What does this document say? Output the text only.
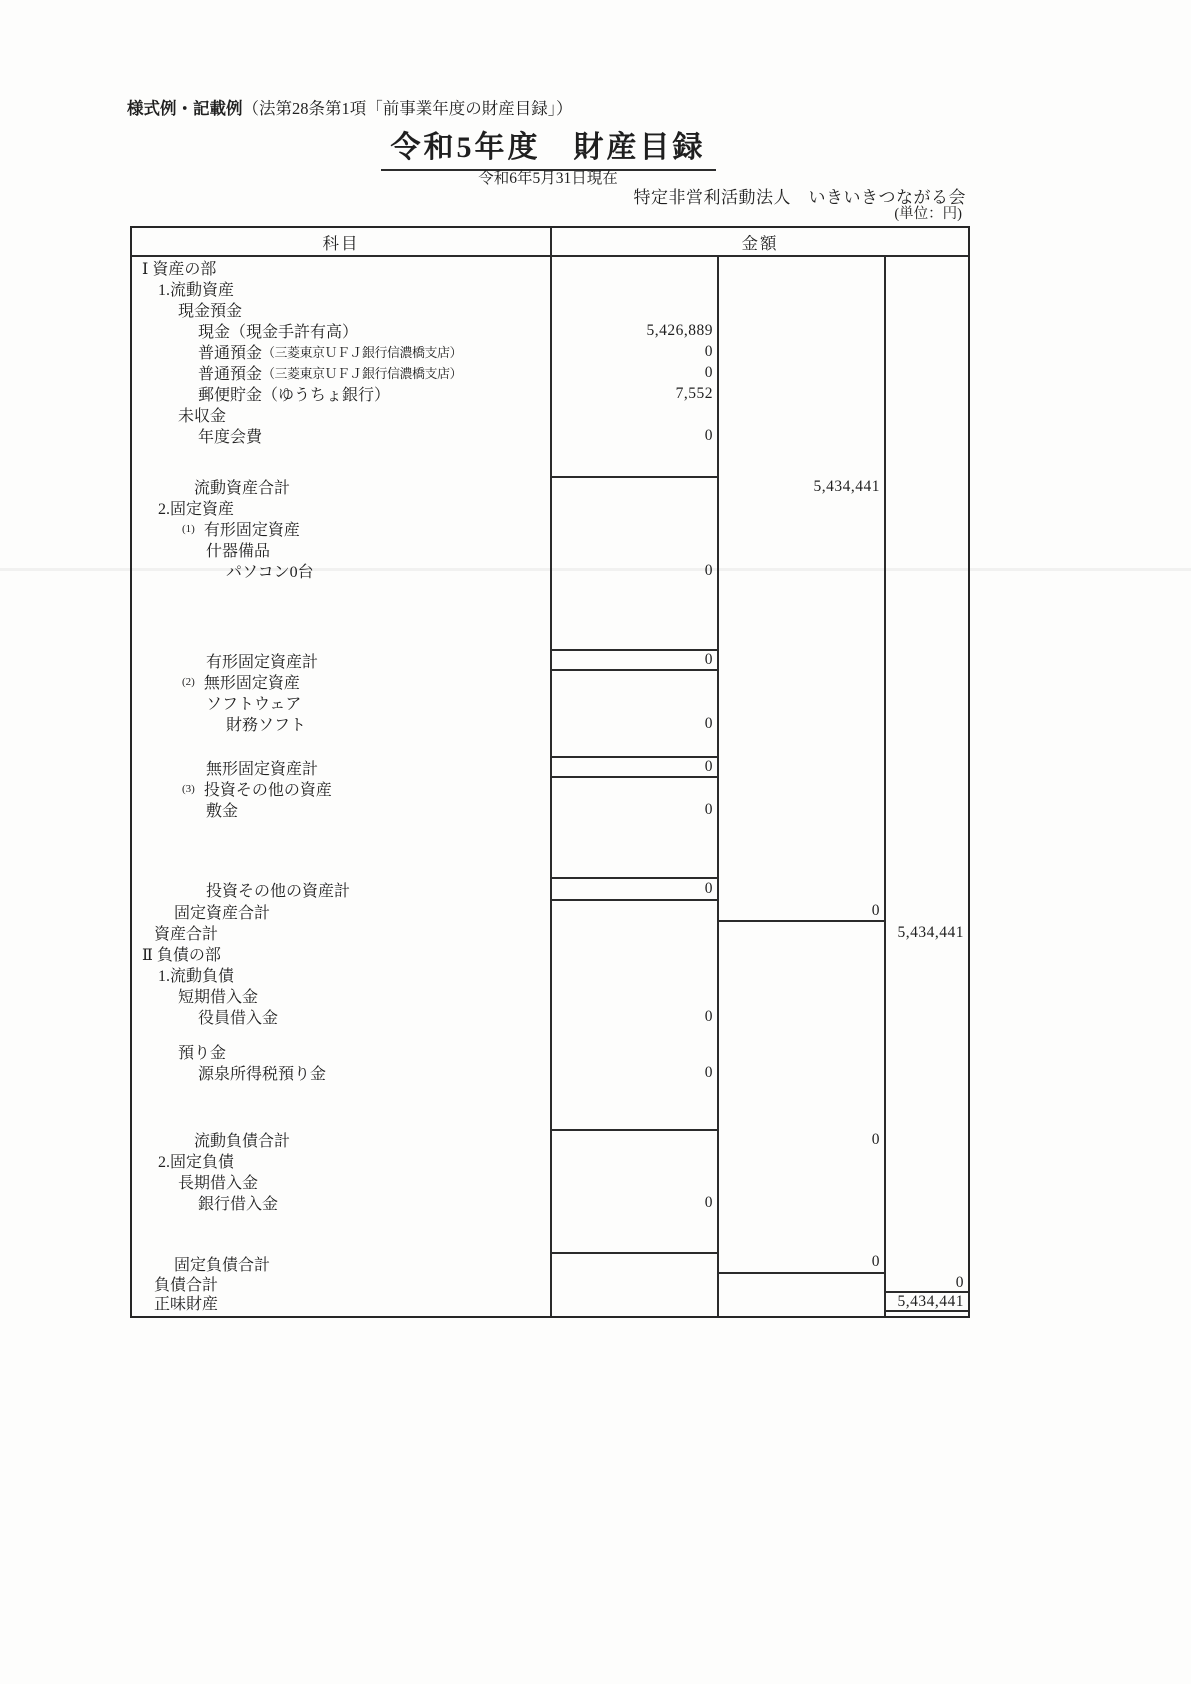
様式例・記載例（法第28条第1項「前事業年度の財産目録」）
令和5年度　財産目録
令和6年5月31日現在
特定非営利活動法人　いきいきつながる会
(単位：円)
科目	金額
Ⅰ 資産の部
1.流動資産
現金預金
現金（現金手許有高）	5,426,889
普通預金 （三菱東京ＵＦＪ銀行信濃橋支店）	0
普通預金 （三菱東京ＵＦＪ銀行信濃橋支店）	0
郵便貯金（ゆうちょ銀行）	7,552
未収金
年度会費	0
流動資産合計	5,434,441
2.固定資産
(1) 有形固定資産
什器備品
パソコン0台	0
有形固定資産計	0
(2) 無形固定資産
ソフトウェア
財務ソフト	0
無形固定資産計	0
(3) 投資その他の資産
敷金	0
投資その他の資産計	0
固定資産合計	0
資産合計	5,434,441
Ⅱ 負債の部
1.流動負債
短期借入金
役員借入金	0
預り金
源泉所得税預り金	0
流動負債合計	0
2.固定負債
長期借入金
銀行借入金	0
固定負債合計	0
負債合計	0
正味財産	5,434,441
